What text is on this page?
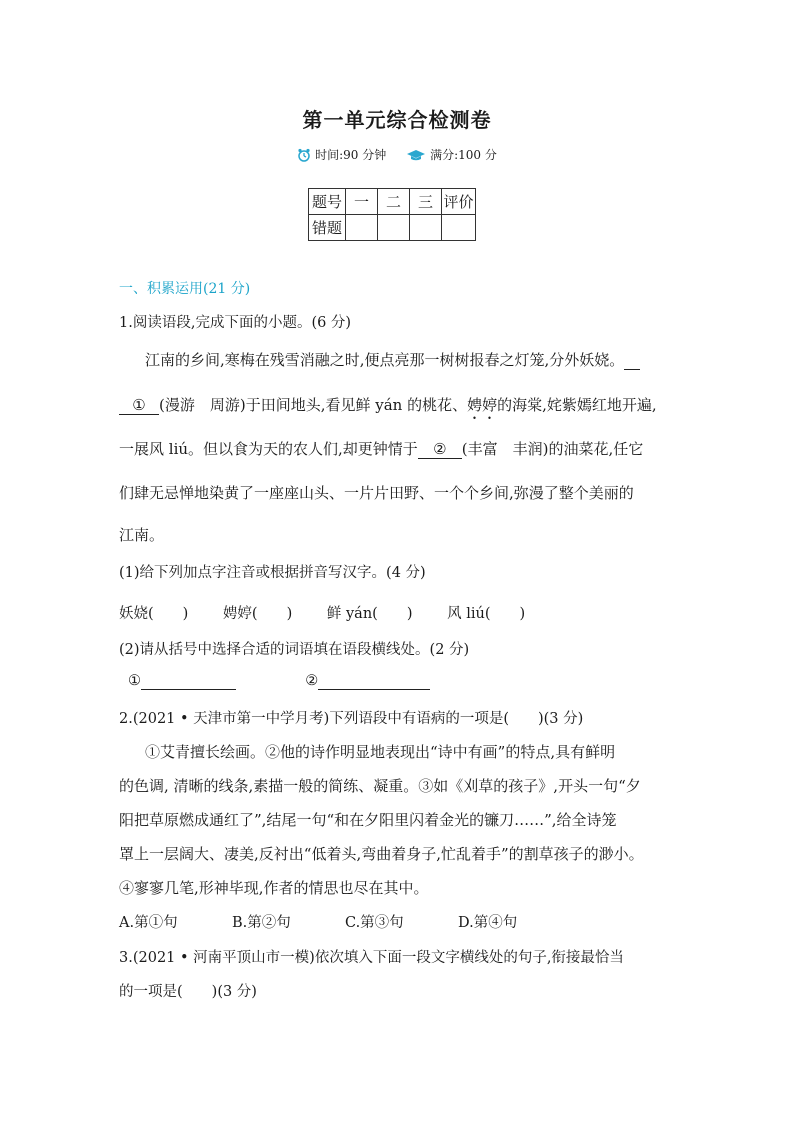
第一单元综合检测卷
时间:90 分钟
	满分:100 分
题号	一	二	三	评价
错题				
一、积累运用(21 分)
1.阅读语段,完成下面的小题。(6 分)
江南的乡间,寒梅在残雪消融之时,便点亮那一树树报春之灯笼,分外妖娆。
① (漫游　周游)于田间地头,看见鲜 yán 的桃花、娉婷的海棠,姹紫嫣红地开遍,
一展风 liú。但以食为天的农人们,却更钟情于 ② (丰富　丰润)的油菜花,任它
们肆无忌惮地染黄了一座座山头、一片片田野、一个个乡间,弥漫了整个美丽的
江南。
(1)给下列加点字注音或根据拼音写汉字。(4 分)
妖娆(　　) 娉婷(　　) 鲜 yán(　　) 风 liú(　　)
(2)请从括号中选择合适的词语填在语段横线处。(2 分)
①	②
2.(2021 • 天津市第一中学月考)下列语段中有语病的一项是(　　)(3 分)
①艾青擅长绘画。②他的诗作明显地表现出“诗中有画”的特点,具有鲜明
的色调, 清晰的线条,素描一般的简练、凝重。③如《刈草的孩子》,开头一句“夕
阳把草原燃成通红了”,结尾一句“和在夕阳里闪着金光的镰刀……”,给全诗笼
罩上一层阔大、凄美,反衬出“低着头,弯曲着身子,忙乱着手”的割草孩子的渺小。
④寥寥几笔,形神毕现,作者的情思也尽在其中。
A.第①句	B.第②句	C.第③句	D.第④句
3.(2021 • 河南平顶山市一模)依次填入下面一段文字横线处的句子,衔接最恰当
的一项是(　　)(3 分)
